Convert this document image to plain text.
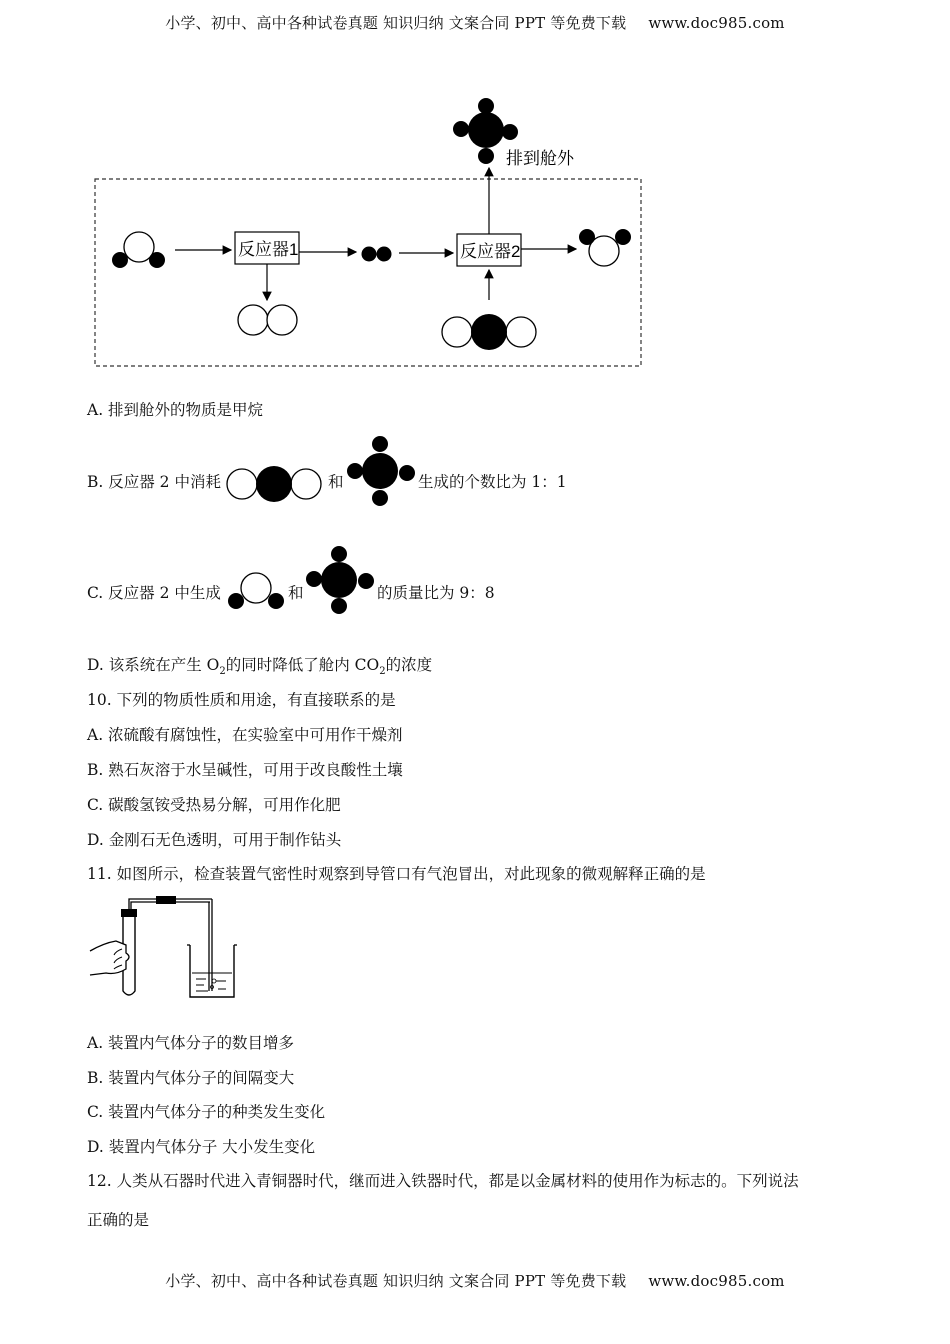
小学、初中、高中各种试卷真题 知识归纳 文案合同 PPT 等免费下载 www.doc985.com
排到舱外
反应器1	反应器2
A. 排到舱外的物质是甲烷
B. 反应器 2 中消耗	和	生成的个数比为 1：1
C. 反应器 2 中生成	和	的质量比为 9：8
D. 该系统在产生 $O_2$的同时降低了舱内 $CO_2$的浓度
10. 下列的物质性质和用途，有直接联系的是
A. 浓硫酸有腐蚀性，在实验室中可用作干燥剂
B. 熟石灰溶于水呈碱性，可用于改良酸性土壤
C. 碳酸氢铵受热易分解，可用作化肥
D. 金刚石无色透明，可用于制作钻头
11. 如图所示，检查装置气密性时观察到导管口有气泡冒出，对此现象的微观解释正确的是
A. 装置内气体分子的数目增多
B. 装置内气体分子的间隔变大
C. 装置内气体分子的种类发生变化
D. 装置内气体分子 大小发生变化
12. 人类从石器时代进入青铜器时代，继而进入铁器时代，都是以金属材料的使用作为标志的。下列说法
正确的是
小学、初中、高中各种试卷真题 知识归纳 文案合同 PPT 等免费下载 www.doc985.com
